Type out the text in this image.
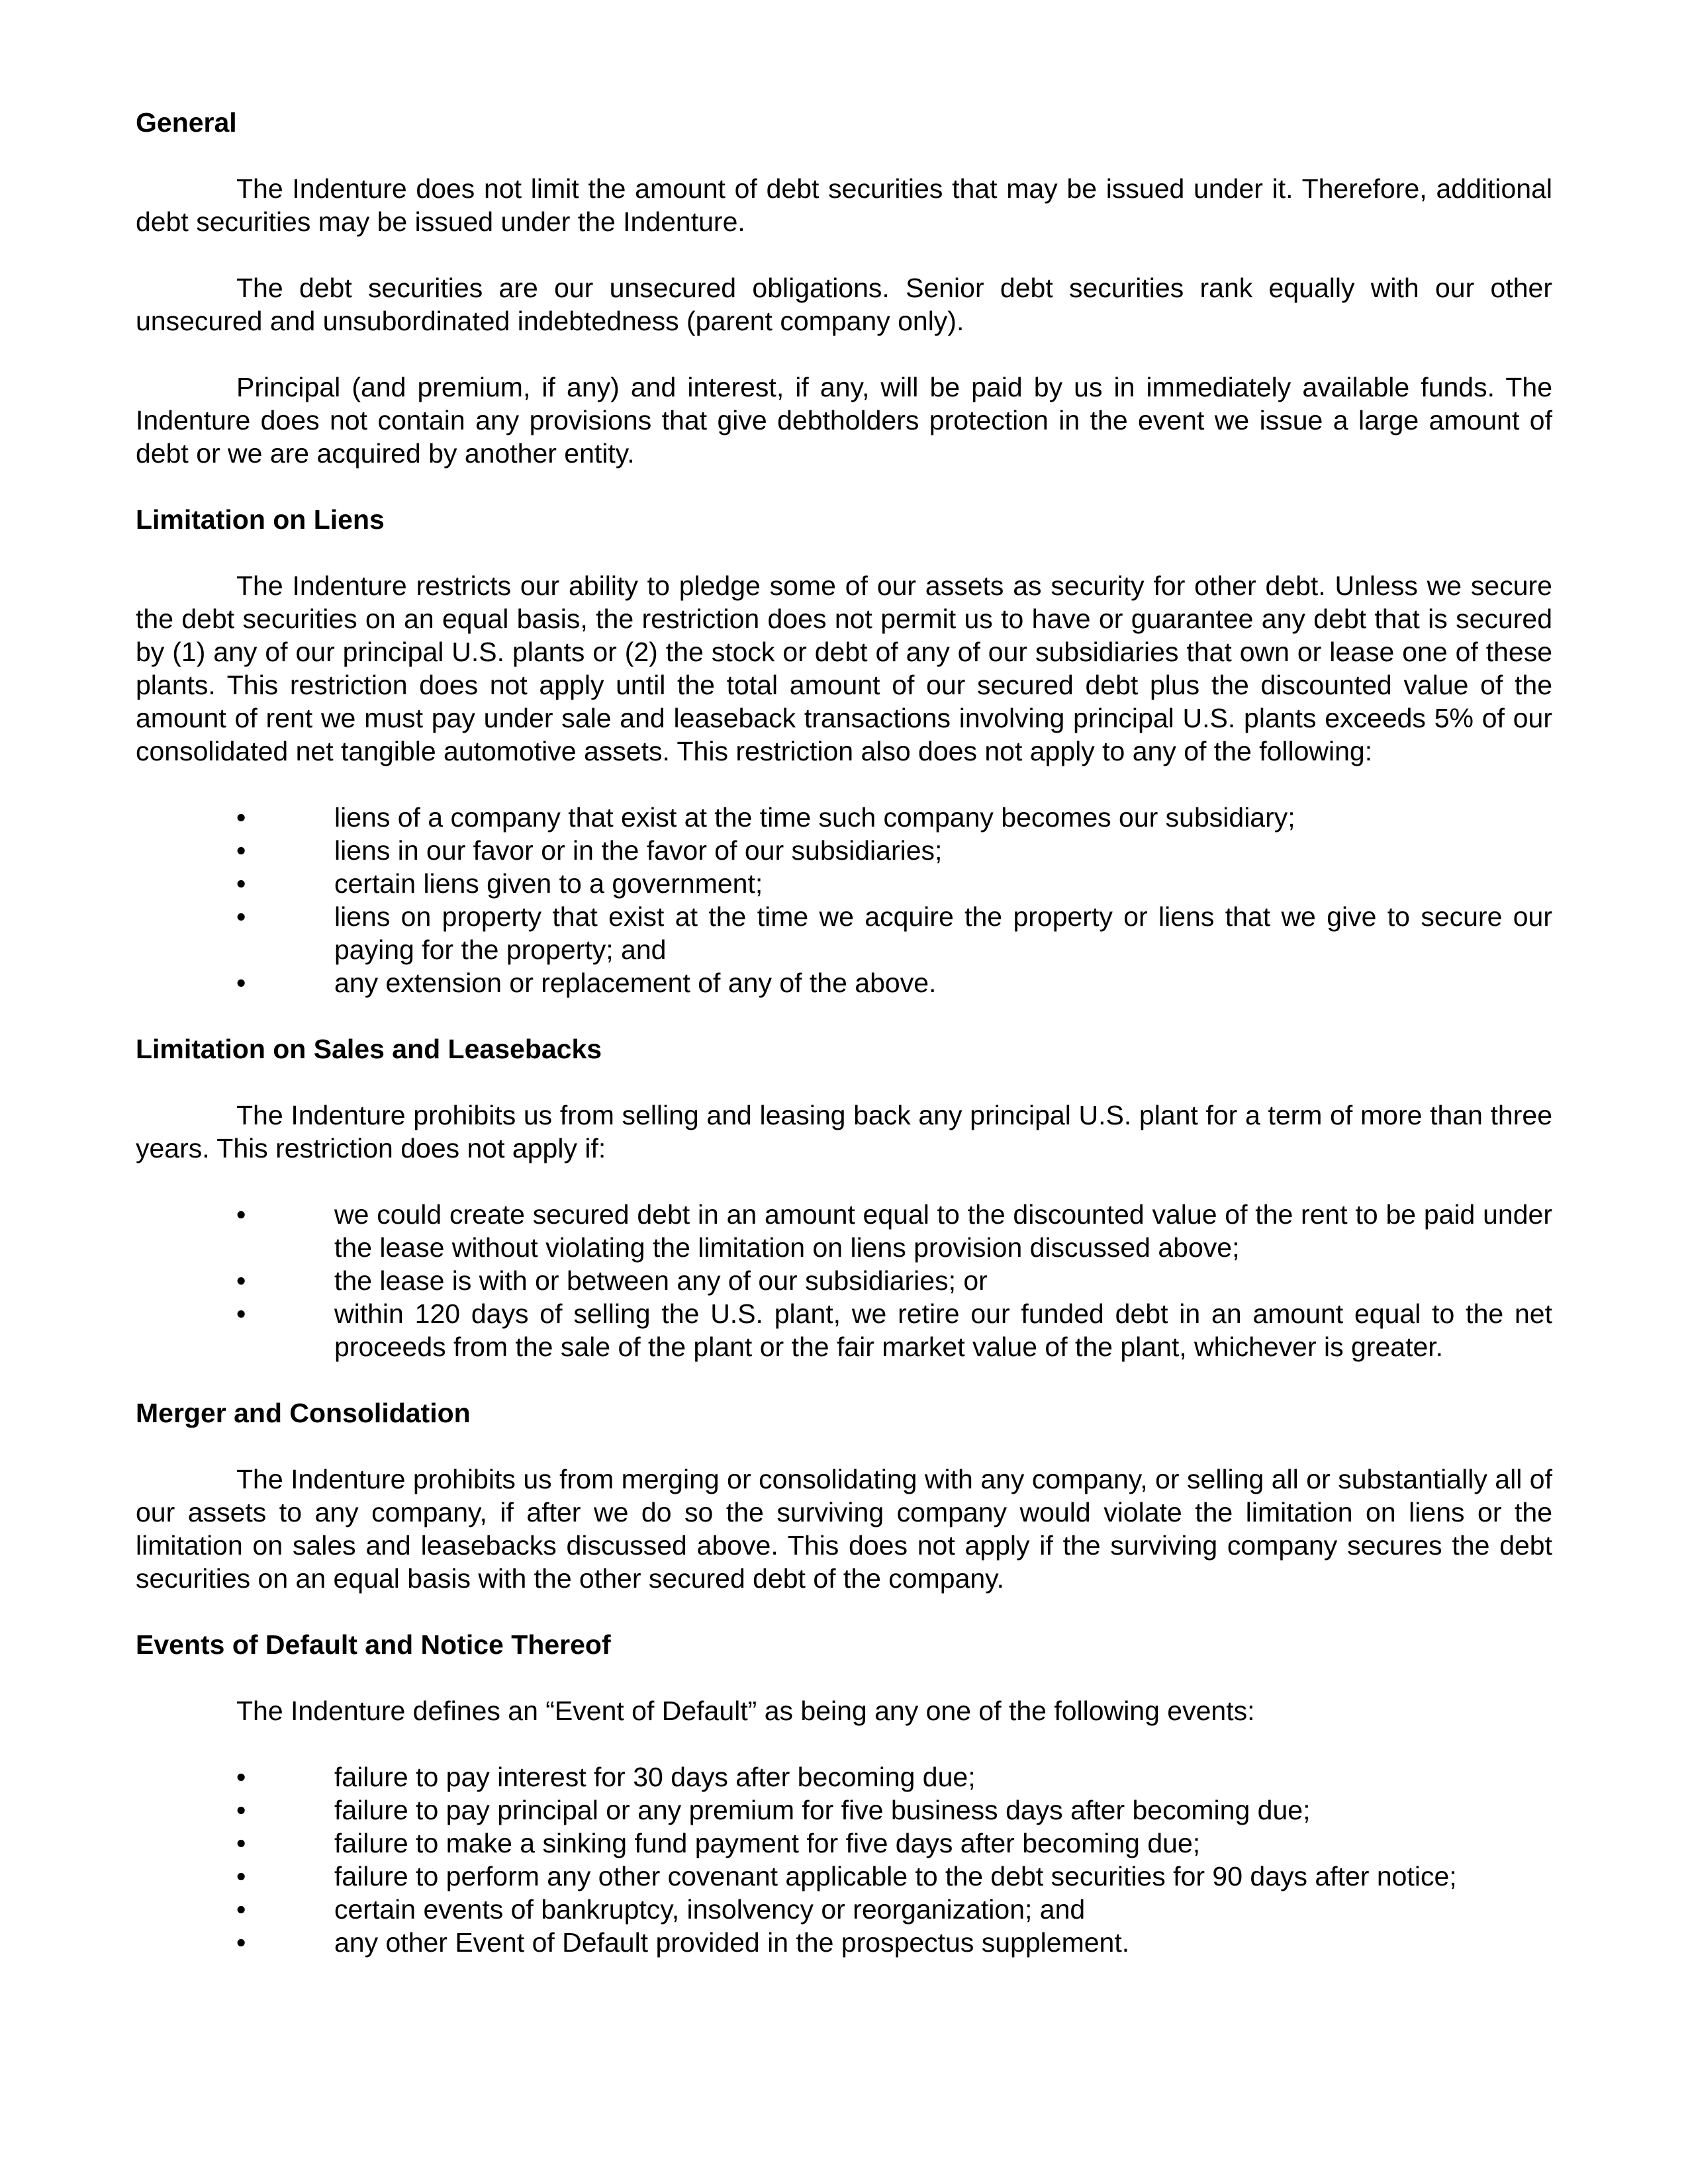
General

The Indenture does not limit the amount of debt securities that may be issued under it. Therefore, additional debt securities may be issued under the Indenture.

The debt securities are our unsecured obligations. Senior debt securities rank equally with our other unsecured and unsubordinated indebtedness (parent company only).

Principal (and premium, if any) and interest, if any, will be paid by us in immediately available funds. The Indenture does not contain any provisions that give debtholders protection in the event we issue a large amount of debt or we are acquired by another entity.

Limitation on Liens

The Indenture restricts our ability to pledge some of our assets as security for other debt. Unless we secure the debt securities on an equal basis, the restriction does not permit us to have or guarantee any debt that is secured by (1) any of our principal U.S. plants or (2) the stock or debt of any of our subsidiaries that own or lease one of these plants. This restriction does not apply until the total amount of our secured debt plus the discounted value of the amount of rent we must pay under sale and leaseback transactions involving principal U.S. plants exceeds 5% of our consolidated net tangible automotive assets. This restriction also does not apply to any of the following:

•	liens of a company that exist at the time such company becomes our subsidiary;
•	liens in our favor or in the favor of our subsidiaries;
•	certain liens given to a government;
•	liens on property that exist at the time we acquire the property or liens that we give to secure our paying for the property; and
•	any extension or replacement of any of the above.
Limitation on Sales and Leasebacks

The Indenture prohibits us from selling and leasing back any principal U.S. plant for a term of more than three years. This restriction does not apply if:

•	we could create secured debt in an amount equal to the discounted value of the rent to be paid under the lease without violating the limitation on liens provision discussed above;
•	the lease is with or between any of our subsidiaries; or
•	within 120 days of selling the U.S. plant, we retire our funded debt in an amount equal to the net proceeds from the sale of the plant or the fair market value of the plant, whichever is greater.
Merger and Consolidation

The Indenture prohibits us from merging or consolidating with any company, or selling all or substantially all of our assets to any company, if after we do so the surviving company would violate the limitation on liens or the limitation on sales and leasebacks discussed above. This does not apply if the surviving company secures the debt securities on an equal basis with the other secured debt of the company.

Events of Default and Notice Thereof

The Indenture defines an “Event of Default” as being any one of the following events:

•	failure to pay interest for 30 days after becoming due;
•	failure to pay principal or any premium for five business days after becoming due;
•	failure to make a sinking fund payment for five days after becoming due;
•	failure to perform any other covenant applicable to the debt securities for 90 days after notice;
•	certain events of bankruptcy, insolvency or reorganization; and
•	any other Event of Default provided in the prospectus supplement.
